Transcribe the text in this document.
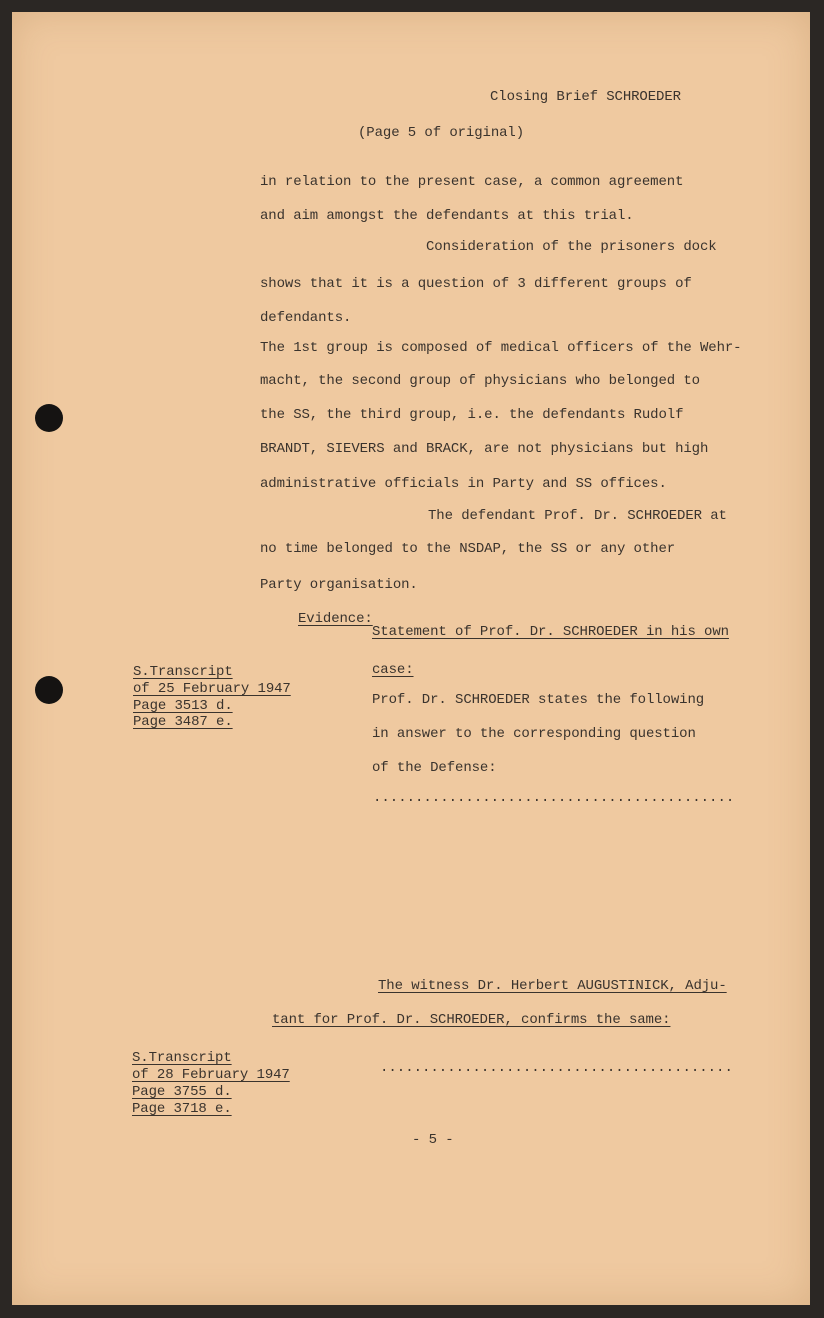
Closing Brief SCHROEDER
(Page 5 of original)
in relation to the present case, a common agreement
and aim amongst the defendants at this trial.
Consideration of the prisoners dock
shows that it is a question of 3 different groups of
defendants.
The 1st group is composed of medical officers of the Wehr-
macht, the second group of physicians who belonged to
the SS, the third group, i.e. the defendants Rudolf
BRANDT, SIEVERS and BRACK, are not physicians but high
administrative officials in Party and SS offices.
The defendant Prof. Dr. SCHROEDER at
no time belonged to the NSDAP, the SS or any other
Party organisation.
Evidence:
Statement of Prof. Dr. SCHROEDER in his own
case:
Prof. Dr. SCHROEDER states the following
in answer to the corresponding question
of the Defense:
...........................................
S.Transcript
of 25 February 1947
Page 3513 d.
Page 3487 e.
The witness Dr. Herbert AUGUSTINICK, Adju-
tant for Prof. Dr. SCHROEDER, confirms the same:
S.Transcript
of 28 February 1947
Page 3755 d.
Page 3718 e.
..........................................
- 5 -
